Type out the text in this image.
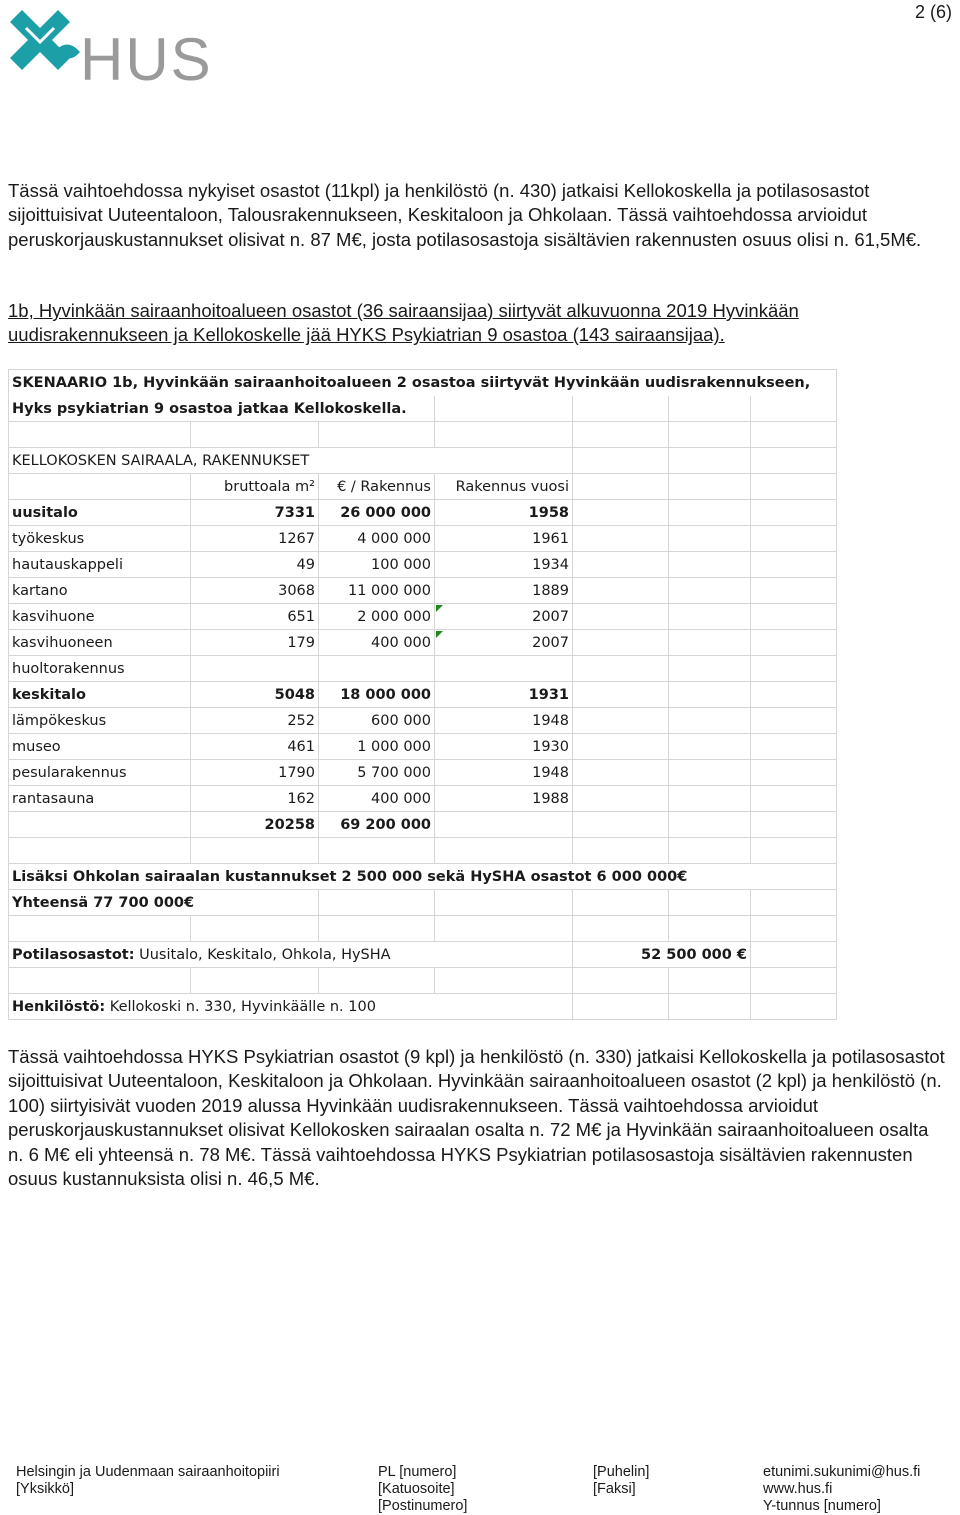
2 (6)
HUS
Tässä vaihtoehdossa nykyiset osastot (11kpl) ja henkilöstö (n. 430) jatkaisi Kellokoskella ja potilasosastot sijoittuisivat Uuteentaloon, Talousrakennukseen, Keskitaloon ja Ohkolaan. Tässä vaihtoehdossa arvioidut peruskorjauskustannukset olisivat n. 87 M€, josta potilasosastoja sisältävien rakennusten osuus olisi n. 61,5M€.
1b, Hyvinkään sairaanhoitoalueen osastot (36 sairaansijaa) siirtyvät alkuvuonna 2019 Hyvinkään uudisrakennukseen ja Kellokoskelle jää HYKS Psykiatrian 9 osastoa (143 sairaansijaa).
SKENAARIO 1b, Hyvinkään sairaanhoitoalueen 2 osastoa siirtyvät Hyvinkään uudisrakennukseen,						
Hyks psykiatrian 9 osastoa jatkaa Kellokoskella.						

KELLOKOSKEN SAIRAALA, RAKENNUKSET						
	bruttoala m²	€ / Rakennus	Rakennus vuosi			
uusitalo	7331	26 000 000	1958			
työkeskus	1267	4 000 000	1961			
hautauskappeli	49	100 000	1934			
kartano	3068	11 000 000	1889			
kasvihuone	651	2 000 000	2007			
kasvihuoneen	179	400 000	2007			
huoltorakennus						
keskitalo	5048	18 000 000	1931			
lämpökeskus	252	600 000	1948			
museo	461	1 000 000	1930			
pesularakennus	1790	5 700 000	1948			
rantasauna	162	400 000	1988			
	20258	69 200 000				

Lisäksi Ohkolan sairaalan kustannukset 2 500 000 sekä HySHA osastot 6 000 000€						
Yhteensä 77 700 000€						

Potilasosastot: Uusitalo, Keskitalo, Ohkola, HySHA				52 500 000 €		

Henkilöstö: Kellokoski n. 330, Hyvinkäälle n. 100						
Tässä vaihtoehdossa HYKS Psykiatrian osastot (9 kpl) ja henkilöstö (n. 330) jatkaisi Kellokoskella ja potilasosastot sijoittuisivat Uuteentaloon, Keskitaloon ja Ohkolaan. Hyvinkään sairaanhoitoalueen osastot (2 kpl) ja henkilöstö (n. 100) siirtyisivät vuoden 2019 alussa Hyvinkään uudisrakennukseen. Tässä vaihtoehdossa arvioidut peruskorjauskustannukset olisivat Kellokosken sairaalan osalta n. 72 M€ ja Hyvinkään sairaanhoitoalueen osalta n. 6 M€ eli yhteensä n. 78 M€. Tässä vaihtoehdossa HYKS Psykiatrian potilasosastoja sisältävien rakennusten osuus kustannuksista olisi n. 46,5 M€.
Helsingin ja Uudenmaan sairaanhoitopiiri
[Yksikkö]
PL [numero]
[Katuosoite]
[Postinumero]
[Puhelin]
[Faksi]
etunimi.sukunimi@hus.fi
www.hus.fi
Y-tunnus [numero]
